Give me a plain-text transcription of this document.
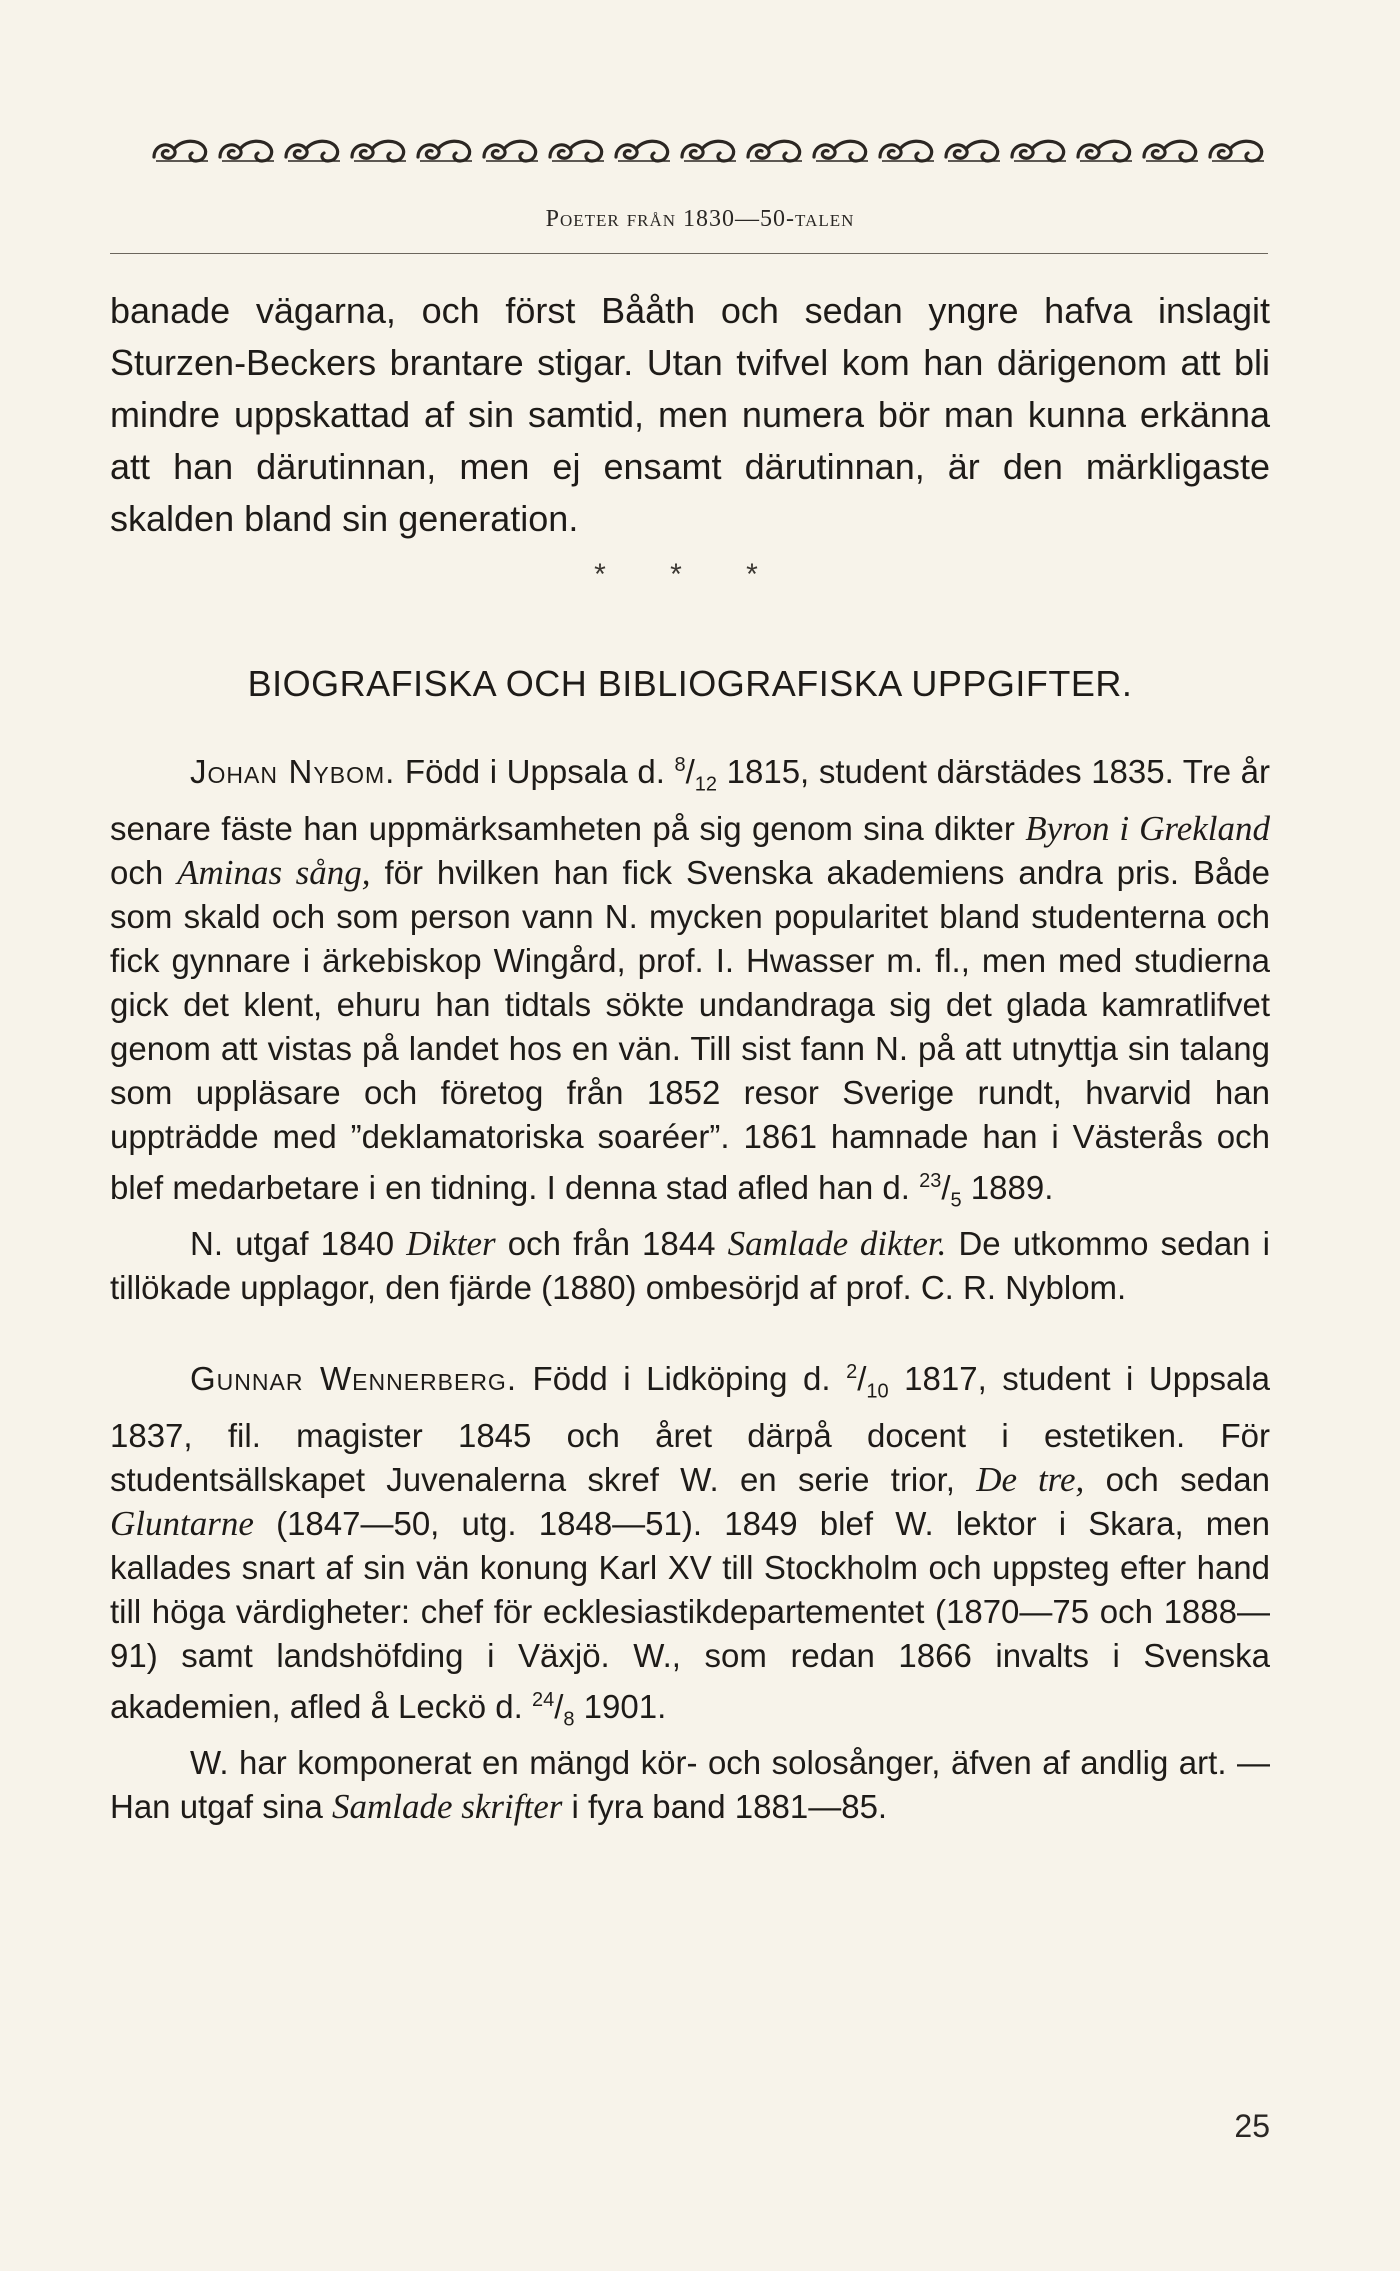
Poeter från 1830—50-talen

banade vägarna, och först Bååth och sedan yngre hafva inslagit Sturzen-Beckers brantare stigar. Utan tvifvel kom han därigenom att bli mindre uppskattad af sin samtid, men numera bör man kunna erkänna att han därutinnan, men ej ensamt därutinnan, är den märkligaste skalden bland sin generation.

* * *
BIOGRAFISKA OCH BIBLIOGRAFISKA UPPGIFTER.

Johan Nybom. Född i Uppsala d. $^8/_{12}$ 1815, student därstädes 1835. Tre år senare fäste han uppmärksamheten på sig genom sina dikter Byron i Grekland och Aminas sång, för hvilken han fick Svenska akademiens andra pris. Både som skald och som person vann N. mycken popularitet bland studenterna och fick gynnare i ärkebiskop Wingård, prof. I. Hwasser m. fl., men med studierna gick det klent, ehuru han tidtals sökte undandraga sig det glada kamratlifvet genom att vistas på landet hos en vän. Till sist fann N. på att utnyttja sin talang som uppläsare och företog från 1852 resor Sverige rundt, hvarvid han uppträdde med ”deklamatoriska soaréer”. 1861 hamnade han i Västerås och blef medarbetare i en tidning. I denna stad afled han d. $^{23}/_5$ 1889.

N. utgaf 1840 Dikter och från 1844 Samlade dikter. De utkommo sedan i tillökade upplagor, den fjärde (1880) ombesörjd af prof. C. R. Nyblom.

Gunnar Wennerberg. Född i Lidköping d. $^2/_{10}$ 1817, student i Uppsala 1837, fil. magister 1845 och året därpå docent i estetiken. För studentsällskapet Juvenalerna skref W. en serie trior, De tre, och sedan Gluntarne (1847—50, utg. 1848—51). 1849 blef W. lektor i Skara, men kallades snart af sin vän konung Karl XV till Stockholm och uppsteg efter hand till höga värdigheter: chef för ecklesiastikdepartementet (1870—75 och 1888—91) samt landshöfding i Växjö. W., som redan 1866 invalts i Svenska akademien, afled å Leckö d. $^{24}/_8$ 1901.

W. har komponerat en mängd kör- och solosånger, äfven af andlig art. — Han utgaf sina Samlade skrifter i fyra band 1881—85.

25
